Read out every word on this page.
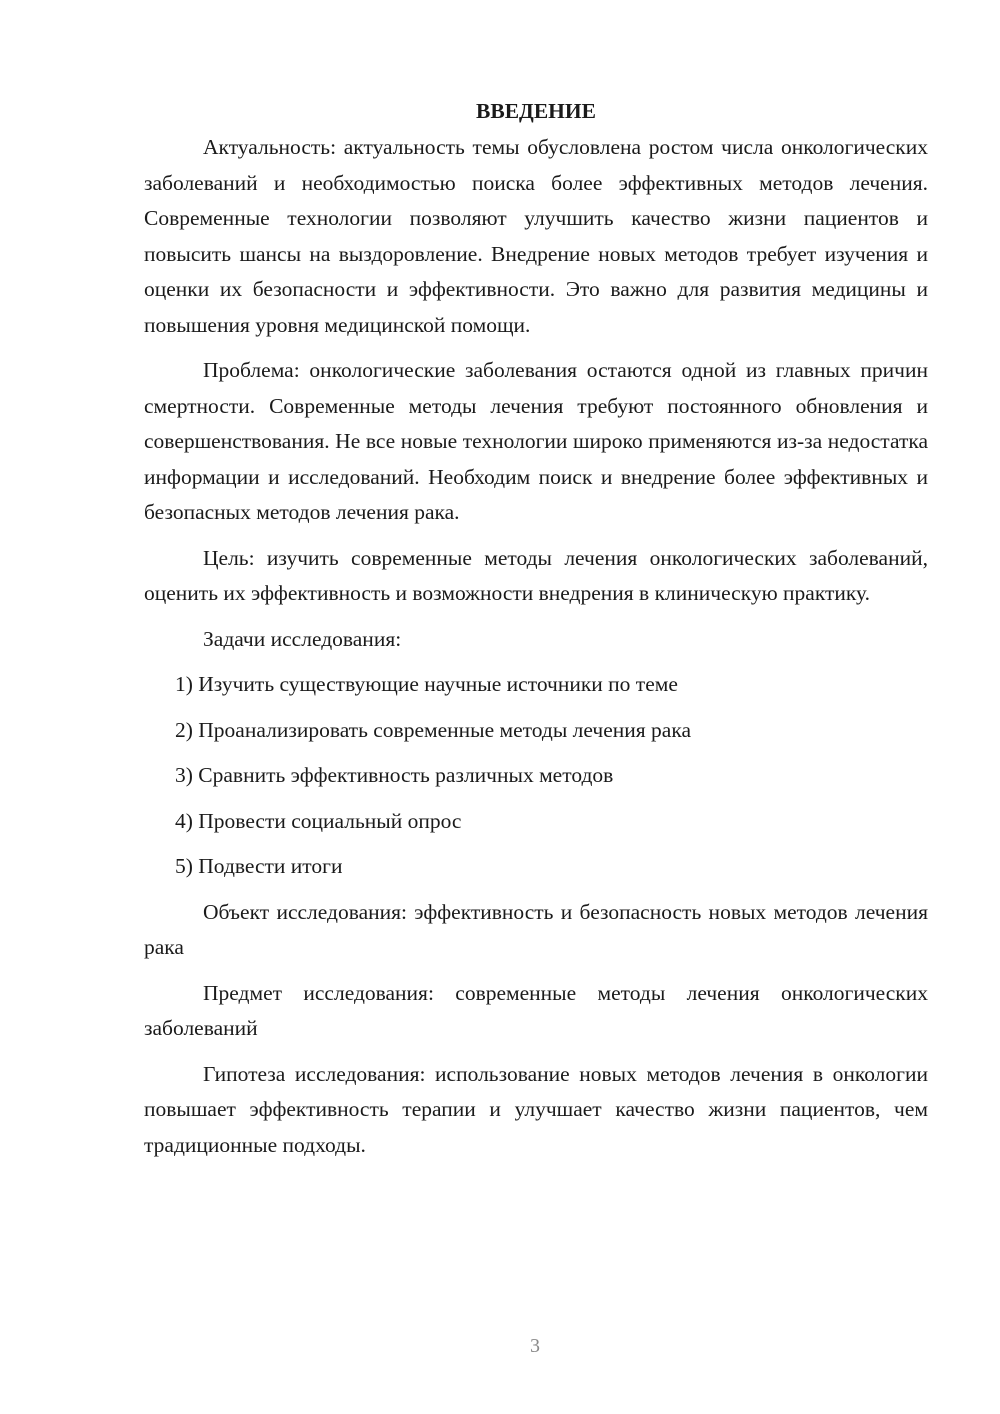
ВВЕДЕНИЕ

Актуальность: актуальность темы обусловлена ростом числа онкологических заболеваний и необходимостью поиска более эффективных методов лечения. Современные технологии позволяют улучшить качество жизни пациентов и повысить шансы на выздоровление. Внедрение новых методов требует изучения и оценки их безопасности и эффективности. Это важно для развития медицины и повышения уровня медицинской помощи.

Проблема: онкологические заболевания остаются одной из главных причин смертности. Современные методы лечения требуют постоянного обновления и совершенствования. Не все новые технологии широко применяются из-за недостатка информации и исследований. Необходим поиск и внедрение более эффективных и безопасных методов лечения рака.

Цель: изучить современные методы лечения онкологических заболеваний, оценить их эффективность и возможности внедрения в клиническую практику.

Задачи исследования:

1) Изучить существующие научные источники по теме
2) Проанализировать современные методы лечения рака
3) Сравнить эффективность различных методов
4) Провести социальный опрос
5) Подвести итоги

Объект исследования: эффективность и безопасность новых методов лечения рака

Предмет исследования: современные методы лечения онкологических заболеваний

Гипотеза исследования: использование новых методов лечения в онкологии повышает эффективность терапии и улучшает качество жизни пациентов, чем традиционные подходы.

3
